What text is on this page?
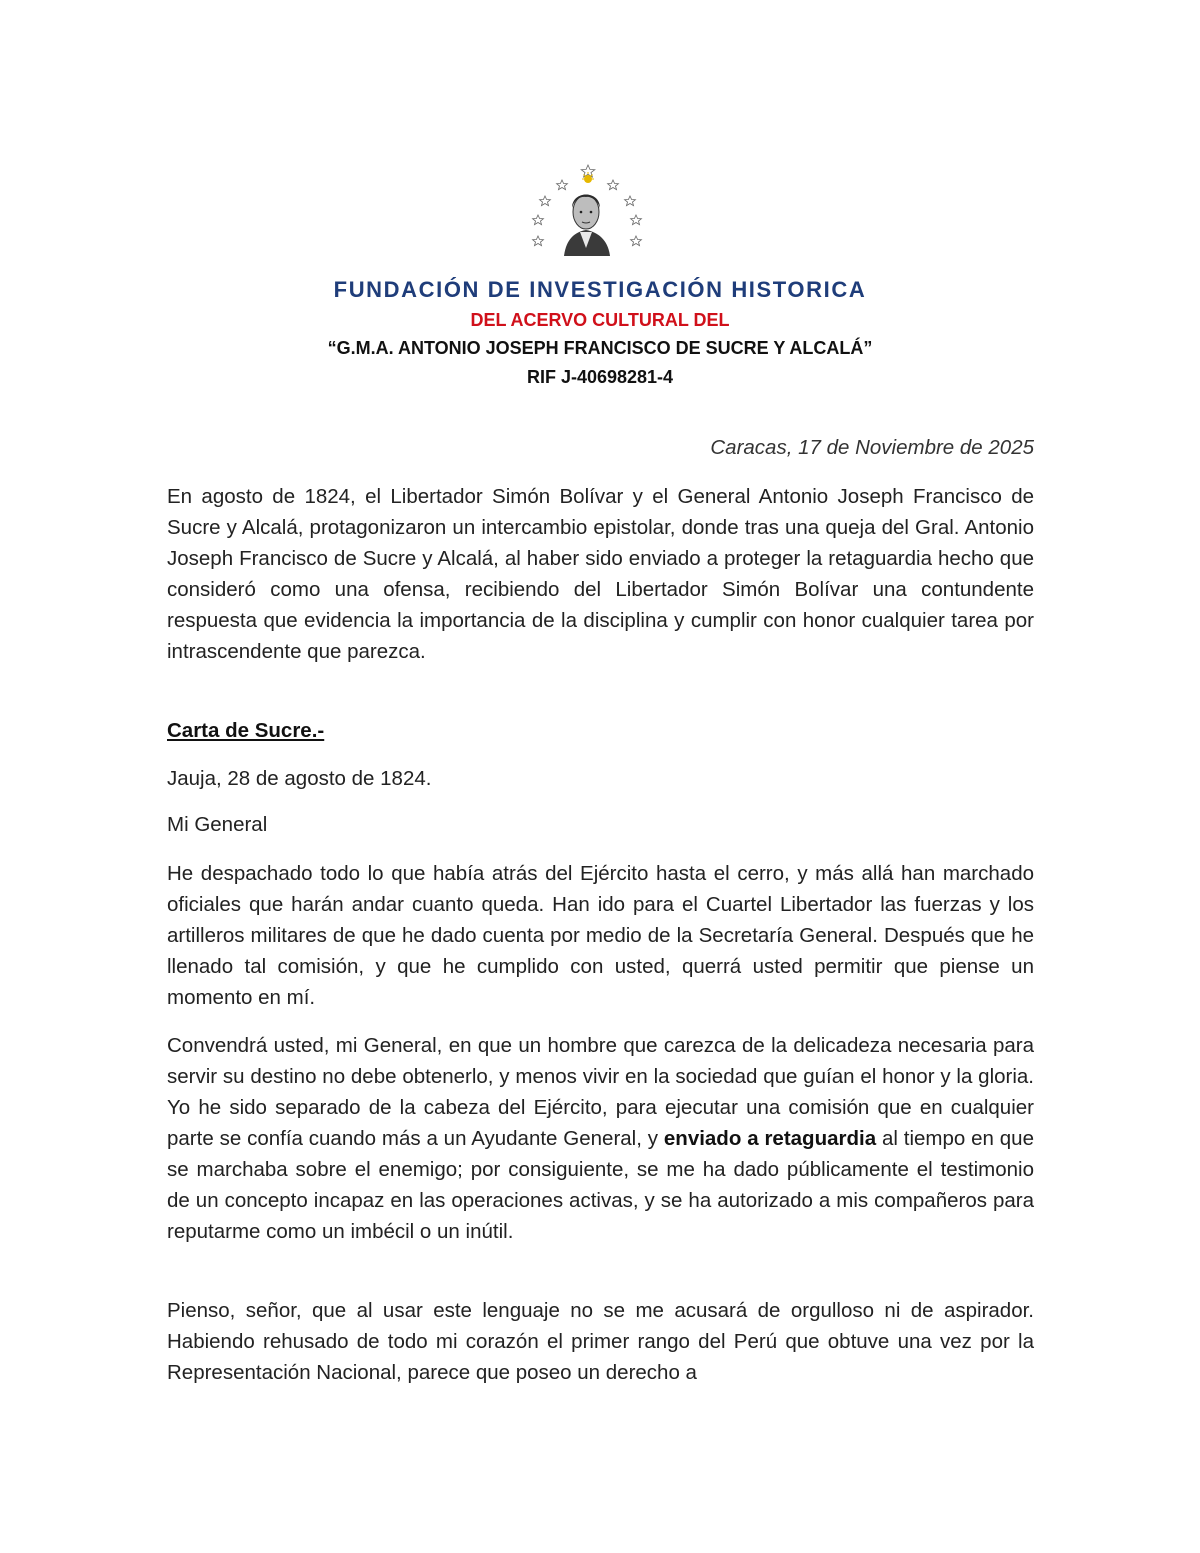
FUNDACIÓN DE INVESTIGACIÓN HISTORICA
DEL ACERVO CULTURAL DEL
“G.M.A. ANTONIO JOSEPH FRANCISCO DE SUCRE Y ALCALÁ”
RIF J-40698281-4
Caracas, 17 de Noviembre de 2025

En agosto de 1824, el Libertador Simón Bolívar y el General Antonio Joseph Francisco de Sucre y Alcalá, protagonizaron un intercambio epistolar, donde tras una queja del Gral. Antonio Joseph Francisco de Sucre y Alcalá, al haber sido enviado a proteger la retaguardia hecho que consideró como una ofensa, recibiendo del Libertador Simón Bolívar una contundente respuesta que evidencia la importancia de la disciplina y cumplir con honor cualquier tarea por intrascendente que parezca.

Carta de Sucre.-
Jauja, 28 de agosto de 1824.
Mi General

He despachado todo lo que había atrás del Ejército hasta el cerro, y más allá han marchado oficiales que harán andar cuanto queda. Han ido para el Cuartel Libertador las fuerzas y los artilleros militares de que he dado cuenta por medio de la Secretaría General. Después que he llenado tal comisión, y que he cumplido con usted, querrá usted permitir que piense un momento en mí.

Convendrá usted, mi General, en que un hombre que carezca de la delicadeza necesaria para servir su destino no debe obtenerlo, y menos vivir en la sociedad que guían el honor y la gloria. Yo he sido separado de la cabeza del Ejército, para ejecutar una comisión que en cualquier parte se confía cuando más a un Ayudante General, y enviado a retaguardia al tiempo en que se marchaba sobre el enemigo; por consiguiente, se me ha dado públicamente el testimonio de un concepto incapaz en las operaciones activas, y se ha autorizado a mis compañeros para reputarme como un imbécil o un inútil.

Pienso, señor, que al usar este lenguaje no se me acusará de orgulloso ni de aspirador. Habiendo rehusado de todo mi corazón el primer rango del Perú que obtuve una vez por la Representación Nacional, parece que poseo un derecho a
